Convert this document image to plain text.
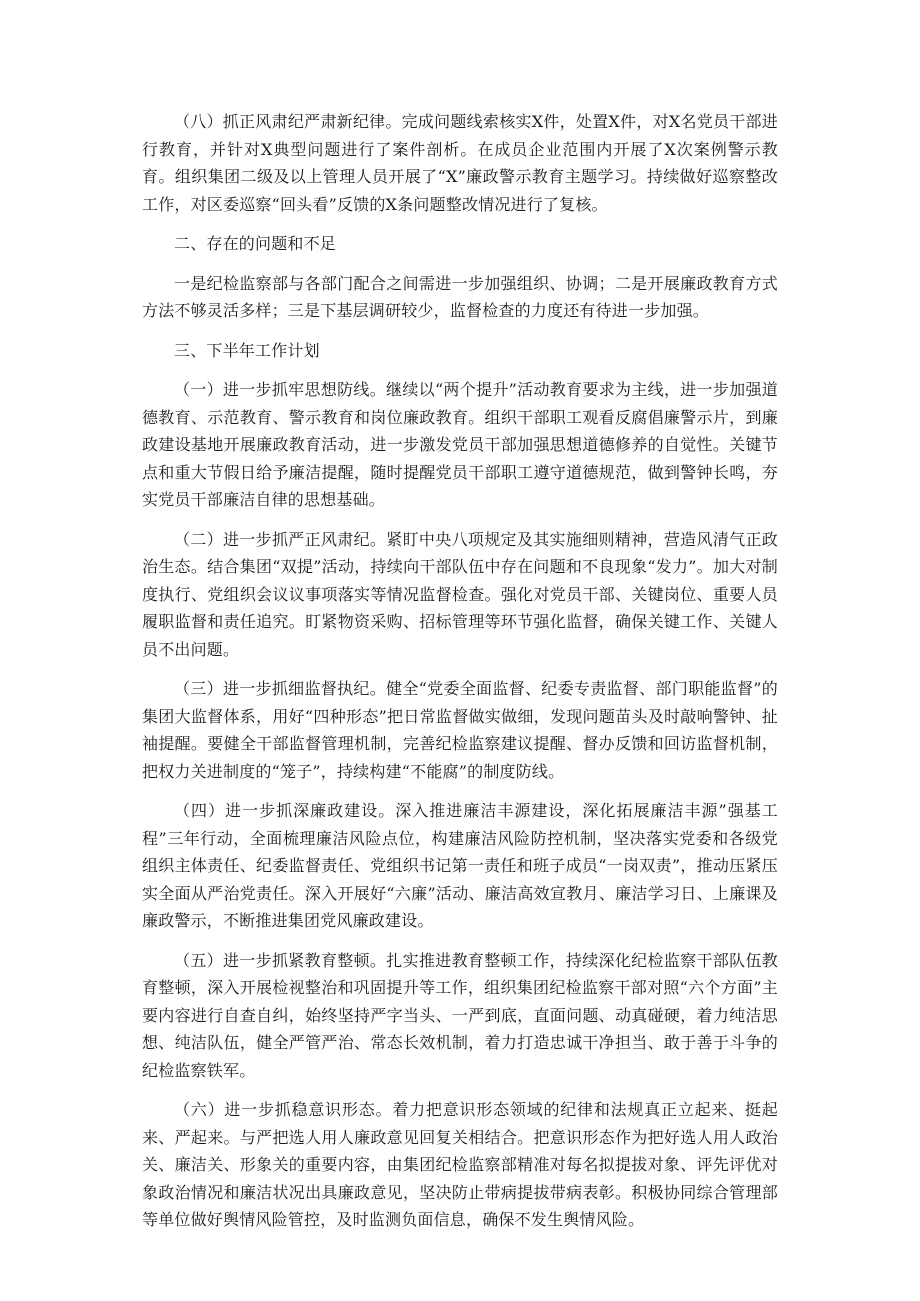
（八）抓正风肃纪严肃新纪律。完成问题线索核实X件，处置X件，对X名党员干部进行教育，并针对X典型问题进行了案件剖析。在成员企业范围内开展了X次案例警示教育。组织集团二级及以上管理人员开展了“X”廉政警示教育主题学习。持续做好巡察整改工作，对区委巡察“回头看”反馈的X条问题整改情况进行了复核。

二、存在的问题和不足

一是纪检监察部与各部门配合之间需进一步加强组织、协调；二是开展廉政教育方式方法不够灵活多样；三是下基层调研较少，监督检查的力度还有待进一步加强。

三、下半年工作计划

（一）进一步抓牢思想防线。继续以“两个提升”活动教育要求为主线，进一步加强道德教育、示范教育、警示教育和岗位廉政教育。组织干部职工观看反腐倡廉警示片，到廉政建设基地开展廉政教育活动，进一步激发党员干部加强思想道德修养的自觉性。关键节点和重大节假日给予廉洁提醒，随时提醒党员干部职工遵守道德规范，做到警钟长鸣，夯实党员干部廉洁自律的思想基础。

（二）进一步抓严正风肃纪。紧盯中央八项规定及其实施细则精神，营造风清气正政治生态。结合集团“双提”活动，持续向干部队伍中存在问题和不良现象“发力”。加大对制度执行、党组织会议议事项落实等情况监督检查。强化对党员干部、关键岗位、重要人员履职监督和责任追究。盯紧物资采购、招标管理等环节强化监督，确保关键工作、关键人员不出问题。

（三）进一步抓细监督执纪。健全“党委全面监督、纪委专责监督、部门职能监督”的集团大监督体系，用好“四种形态”把日常监督做实做细，发现问题苗头及时敲响警钟、扯袖提醒。要健全干部监督管理机制，完善纪检监察建议提醒、督办反馈和回访监督机制，把权力关进制度的“笼子”，持续构建“不能腐”的制度防线。

（四）进一步抓深廉政建设。深入推进廉洁丰源建设，深化拓展廉洁丰源”强基工程”三年行动，全面梳理廉洁风险点位，构建廉洁风险防控机制，坚决落实党委和各级党组织主体责任、纪委监督责任、党组织书记第一责任和班子成员“一岗双责”，推动压紧压实全面从严治党责任。深入开展好“六廉”活动、廉洁高效宣教月、廉洁学习日、上廉课及廉政警示，不断推进集团党风廉政建设。

（五）进一步抓紧教育整顿。扎实推进教育整顿工作，持续深化纪检监察干部队伍教育整顿，深入开展检视整治和巩固提升等工作，组织集团纪检监察干部对照“六个方面”主要内容进行自查自纠，始终坚持严字当头、一严到底，直面问题、动真碰硬，着力纯洁思想、纯洁队伍，健全严管严治、常态长效机制，着力打造忠诚干净担当、敢于善于斗争的纪检监察铁军。

（六）进一步抓稳意识形态。着力把意识形态领域的纪律和法规真正立起来、挺起来、严起来。与严把选人用人廉政意见回复关相结合。把意识形态作为把好选人用人政治关、廉洁关、形象关的重要内容，由集团纪检监察部精准对每名拟提拔对象、评先评优对象政治情况和廉洁状况出具廉政意见，坚决防止带病提拔带病表彰。积极协同综合管理部等单位做好舆情风险管控，及时监测负面信息，确保不发生舆情风险。
